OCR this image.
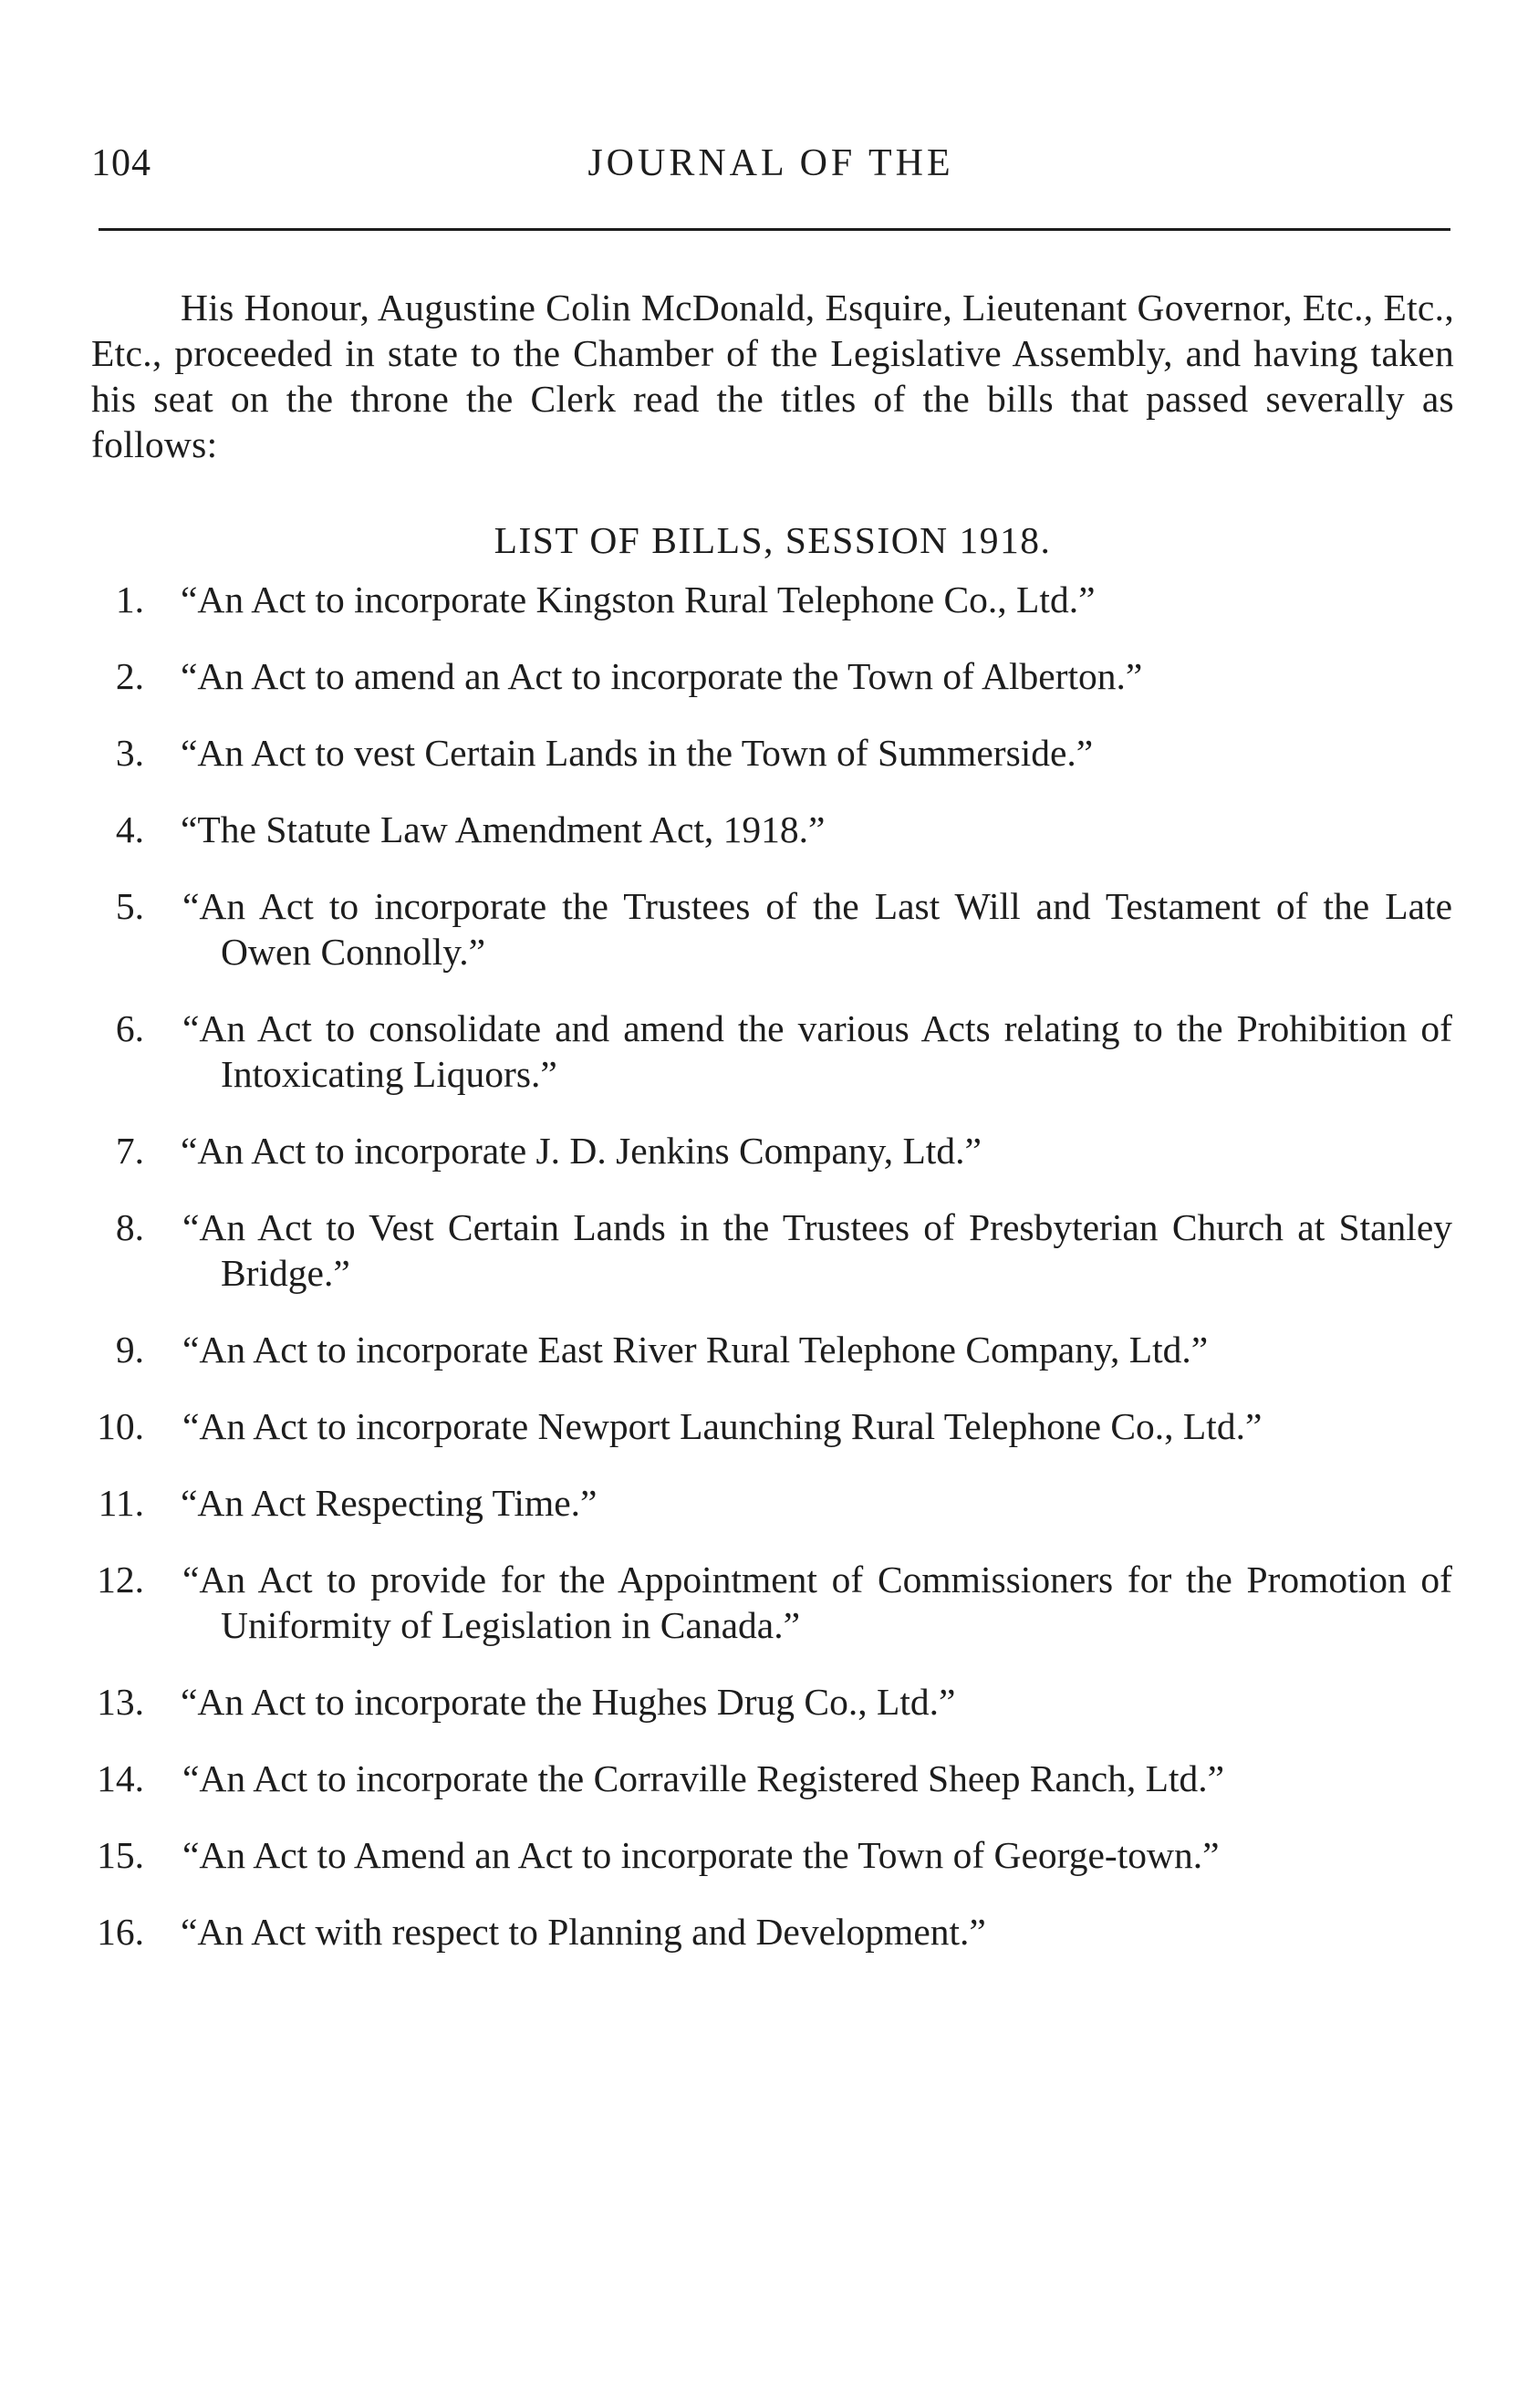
104	JOURNAL OF THE

His Honour, Augustine Colin McDonald, Esquire, Lieutenant Governor, Etc., Etc., Etc., proceeded in state to the Chamber of the Legislative Assembly, and having taken his seat on the throne the Clerk read the titles of the bills that passed severally as follows:

LIST OF BILLS, SESSION 1918.
1. “An Act to incorporate Kingston Rural Telephone Co., Ltd.”
2. “An Act to amend an Act to incorporate the Town of Alberton.”
3. “An Act to vest Certain Lands in the Town of Summerside.”
4. “The Statute Law Amendment Act, 1918.”
5. “An Act to incorporate the Trustees of the Last Will and Testament of the Late Owen Connolly.”
6. “An Act to consolidate and amend the various Acts relating to the Prohibition of Intoxicating Liquors.”
7. “An Act to incorporate J. D. Jenkins Company, Ltd.”
8. “An Act to Vest Certain Lands in the Trustees of Presbyterian Church at Stanley Bridge.”
9. “An Act to incorporate East River Rural Telephone Company, Ltd.”
10. “An Act to incorporate Newport Launching Rural Telephone Co., Ltd.”
11. “An Act Respecting Time.”
12. “An Act to provide for the Appointment of Commissioners for the Promotion of Uniformity of Legislation in Canada.”
13. “An Act to incorporate the Hughes Drug Co., Ltd.”
14. “An Act to incorporate the Corraville Registered Sheep Ranch, Ltd.”
15. “An Act to Amend an Act to incorporate the Town of George-town.”
16. “An Act with respect to Planning and Development.”
